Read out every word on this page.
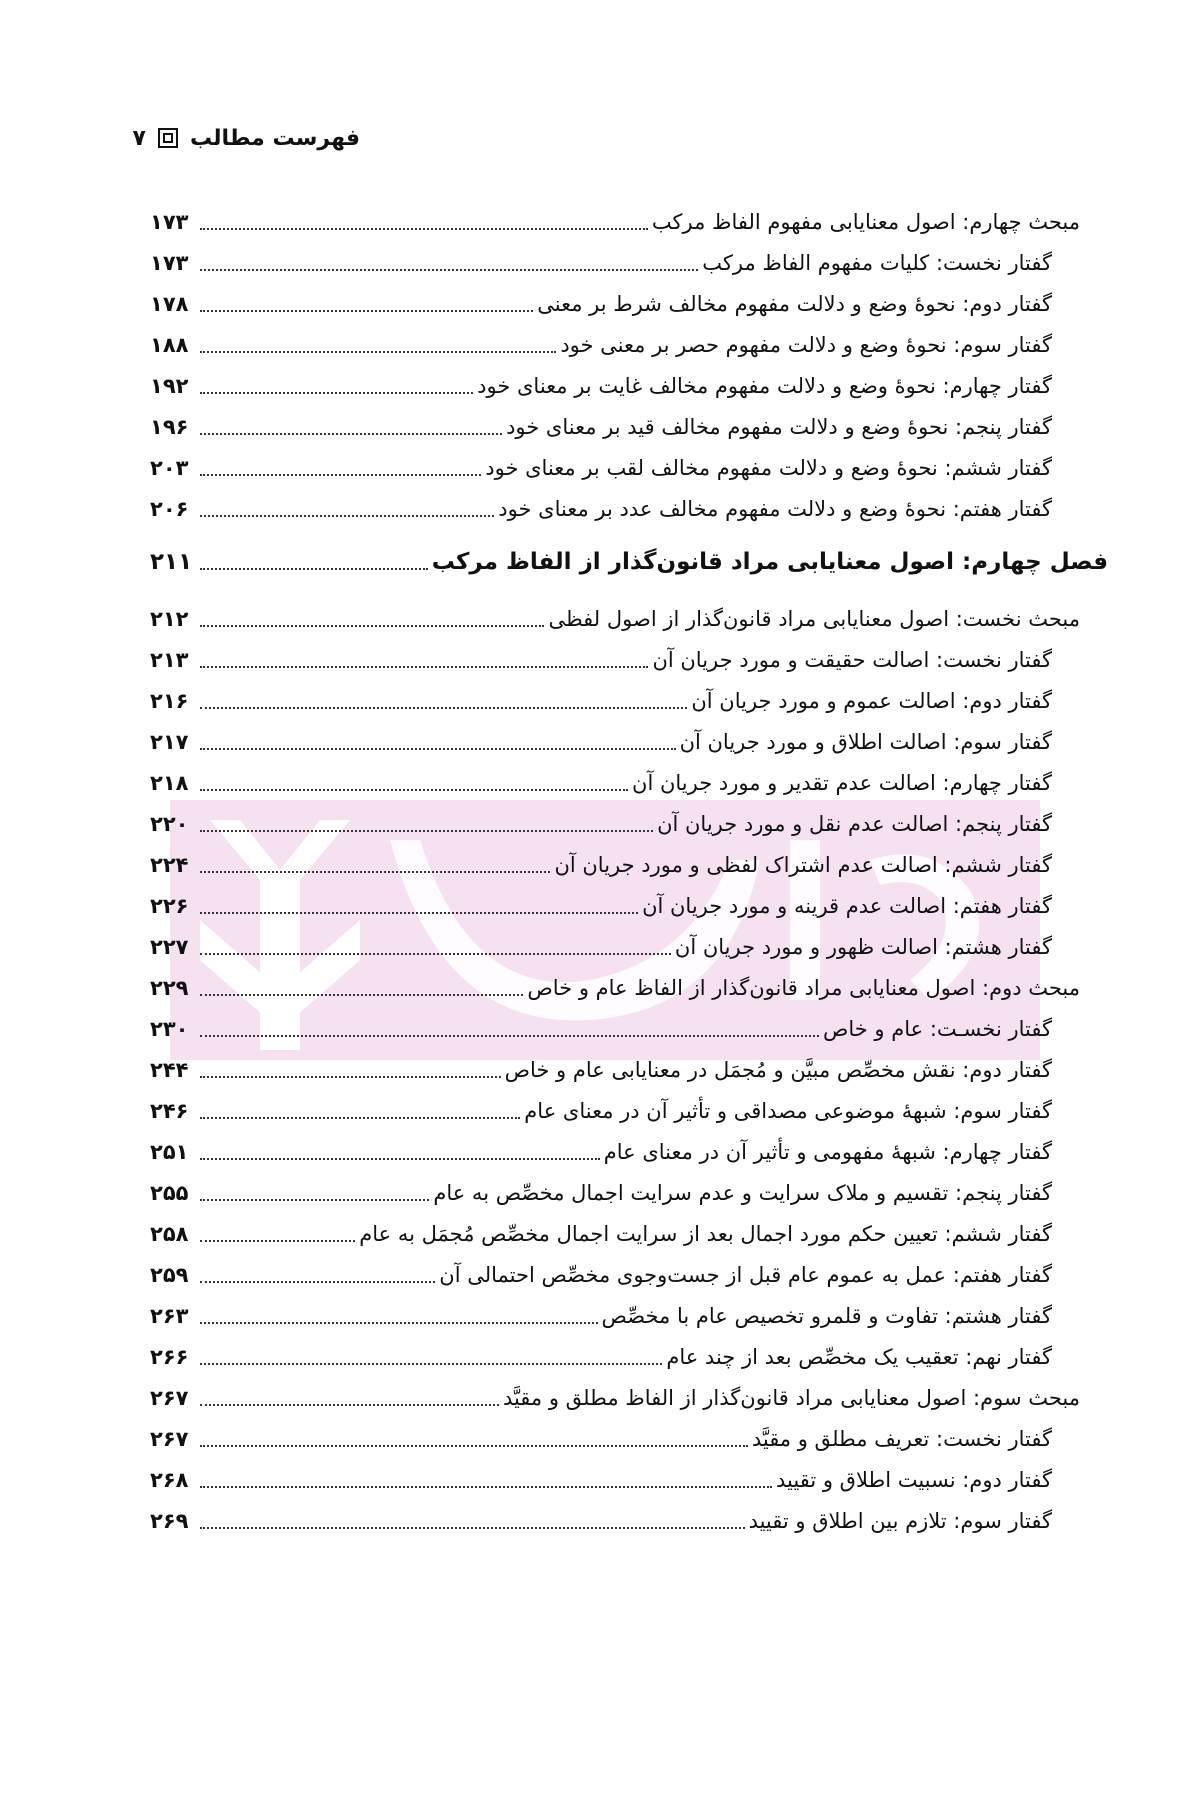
فهرست مطالب
۷
مبحث چهارم: اصول معنایابی مفهوم الفاظ مرکب
۱۷۳
گفتار نخست: کلیات مفهوم الفاظ مرکب
۱۷۳
گفتار دوم: نحوهٔ وضع و دلالت مفهوم مخالف شرط بر معنی
۱۷۸
گفتار سوم: نحوهٔ وضع و دلالت مفهوم حصر بر معنی خود
۱۸۸
گفتار چهارم: نحوهٔ وضع و دلالت مفهوم مخالف غایت بر معنای خود
۱۹۲
گفتار پنجم: نحوهٔ وضع و دلالت مفهوم مخالف قید بر معنای خود
۱۹۶
گفتار ششم: نحوهٔ وضع و دلالت مفهوم مخالف لقب بر معنای خود
۲۰۳
گفتار هفتم: نحوهٔ وضع و دلالت مفهوم مخالف عدد بر معنای خود
۲۰۶
فصل چهارم: اصول معنایابی مراد قانون‌گذار از الفاظ مرکب
۲۱۱
مبحث نخست: اصول معنایابی مراد قانون‌گذار از اصول لفظی
۲۱۲
گفتار نخست: اصالت حقیقت و مورد جریان آن
۲۱۳
گفتار دوم: اصالت عموم و مورد جریان آن
۲۱۶
گفتار سوم: اصالت اطلاق و مورد جریان آن
۲۱۷
گفتار چهارم: اصالت عدم تقدیر و مورد جریان آن
۲۱۸
گفتار پنجم: اصالت عدم نقل و مورد جریان آن
۲۲۰
گفتار ششم: اصالت عدم اشتراک لفظی و مورد جریان آن
۲۲۴
گفتار هفتم: اصالت عدم قرینه و مورد جریان آن
۲۲۶
گفتار هشتم: اصالت ظهور و مورد جریان آن
۲۲۷
مبحث دوم: اصول معنایابی مراد قانون‌گذار از الفاظ عام و خاص
۲۲۹
گفتار نخسـت: عام و خاص
۲۳۰
گفتار دوم: نقش مخصِّص مبیَّن و مُجمَل در معنایابی عام و خاص
۲۴۴
گفتار سوم: شبههٔ موضوعی مصداقی و تأثیر آن در معنای عام
۲۴۶
گفتار چهارم: شبههٔ مفهومی و تأثیر آن در معنای عام
۲۵۱
گفتار پنجم: تقسیم و ملاک سرایت و عدم سرایت اجمال مخصِّص به عام
۲۵۵
گفتار ششم: تعیین حکم مورد اجمال بعد از سرایت اجمال مخصِّص مُجمَل به عام
۲۵۸
گفتار هفتم: عمل به عموم عام قبل از جست‌وجوی مخصِّص احتمالی آن
۲۵۹
گفتار هشتم: تفاوت و قلمرو تخصیص عام با مخصِّص
۲۶۳
گفتار نهم: تعقیب یک مخصِّص بعد از چند عام
۲۶۶
مبحث سوم: اصول معنایابی مراد قانون‌گذار از الفاظ مطلق و مقیَّد
۲۶۷
گفتار نخست: تعریف مطلق و مقیَّد
۲۶۷
گفتار دوم: نسبیت اطلاق و تقیید
۲۶۸
گفتار سوم: تلازم بین اطلاق و تقیید
۲۶۹
